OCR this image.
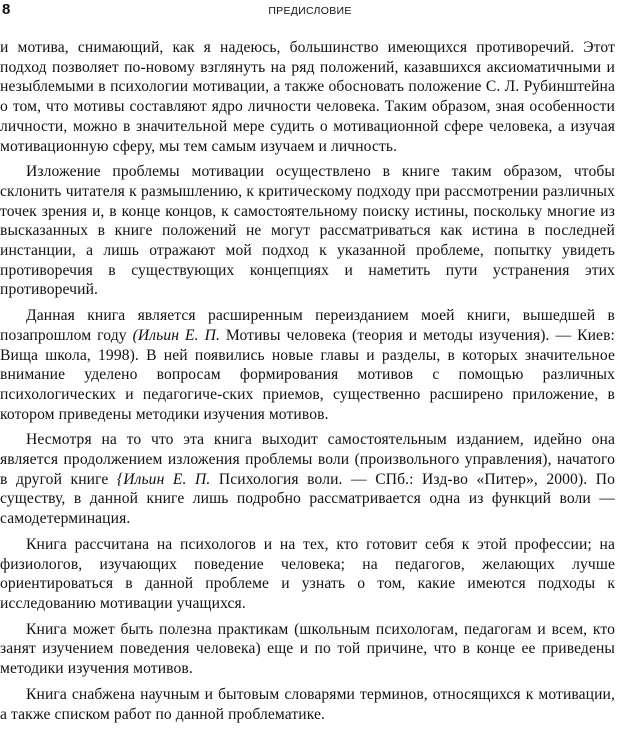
8	ПРЕДИСЛОВИЕ

и мотива, снимающий, как я надеюсь, большинство имеющихся противоречий. Этот подход позволяет по-новому взглянуть на ряд положений, казавшихся аксиоматичными и незыблемыми в психологии мотивации, а также обосновать положение С. Л. Рубинштейна о том, что мотивы составляют ядро личности человека. Таким образом, зная особенности личности, можно в значительной мере судить о мотивационной сфере человека, а изучая мотивационную сферу, мы тем самым изучаем и личность.

Изложение проблемы мотивации осуществлено в книге таким образом, чтобы склонить читателя к размышлению, к критическому подходу при рассмотрении различных точек зрения и, в конце концов, к самостоятельному поиску истины, поскольку многие из высказанных в книге положений не могут рассматриваться как истина в последней инстанции, а лишь отражают мой подход к указанной проблеме, попытку увидеть противоречия в существующих концепциях и наметить пути устранения этих противоречий.

Данная книга является расширенным переизданием моей книги, вышедшей в позапрошлом году (Ильин Е. П. Мотивы человека (теория и методы изучения). — Киев: Вища школа, 1998). В ней появились новые главы и разделы, в которых значительное внимание уделено вопросам формирования мотивов с помощью различных психологических и педагогиче-ских приемов, существенно расширено приложение, в котором приведены методики изучения мотивов.

Несмотря на то что эта книга выходит самостоятельным изданием, идейно она является продолжением изложения проблемы воли (произвольного управления), начатого в другой книге {Ильин Е. П. Психология воли. — СПб.: Изд-во «Питер», 2000). По существу, в данной книге лишь подробно рассматривается одна из функций воли — самодетерминация.

Книга рассчитана на психологов и на тех, кто готовит себя к этой профессии; на физиологов, изучающих поведение человека; на педагогов, желающих лучше ориентироваться в данной проблеме и узнать о том, какие имеются подходы к исследованию мотивации учащихся.

Книга может быть полезна практикам (школьным психологам, педагогам и всем, кто занят изучением поведения человека) еще и по той причине, что в конце ее приведены методики изучения мотивов.

Книга снабжена научным и бытовым словарями терминов, относящихся к мотивации, а также списком работ по данной проблематике.
